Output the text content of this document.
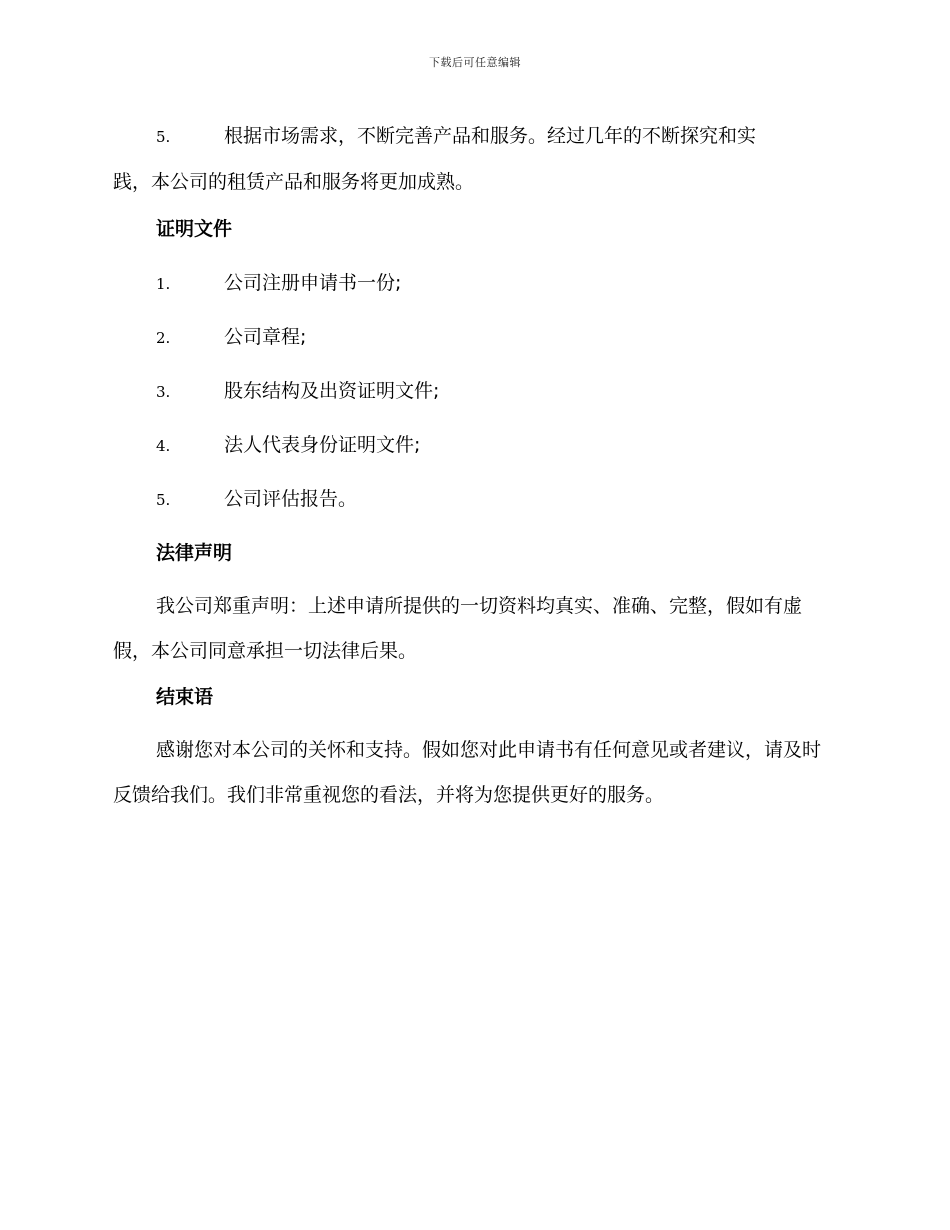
下载后可任意编辑
5.	根据市场需求，不断完善产品和服务。经过几年的不断探究和实
践，本公司的租赁产品和服务将更加成熟。
证明文件
1.	公司注册申请书一份;
2.	公司章程;
3.	股东结构及出资证明文件;
4.	法人代表身份证明文件;
5.	公司评估报告。
法律声明

我公司郑重声明：上述申请所提供的一切资料均真实、准确、完整，假如有虚假，本公司同意承担一切法律后果。

结束语

感谢您对本公司的关怀和支持。假如您对此申请书有任何意见或者建议，请及时反馈给我们。我们非常重视您的看法，并将为您提供更好的服务。
